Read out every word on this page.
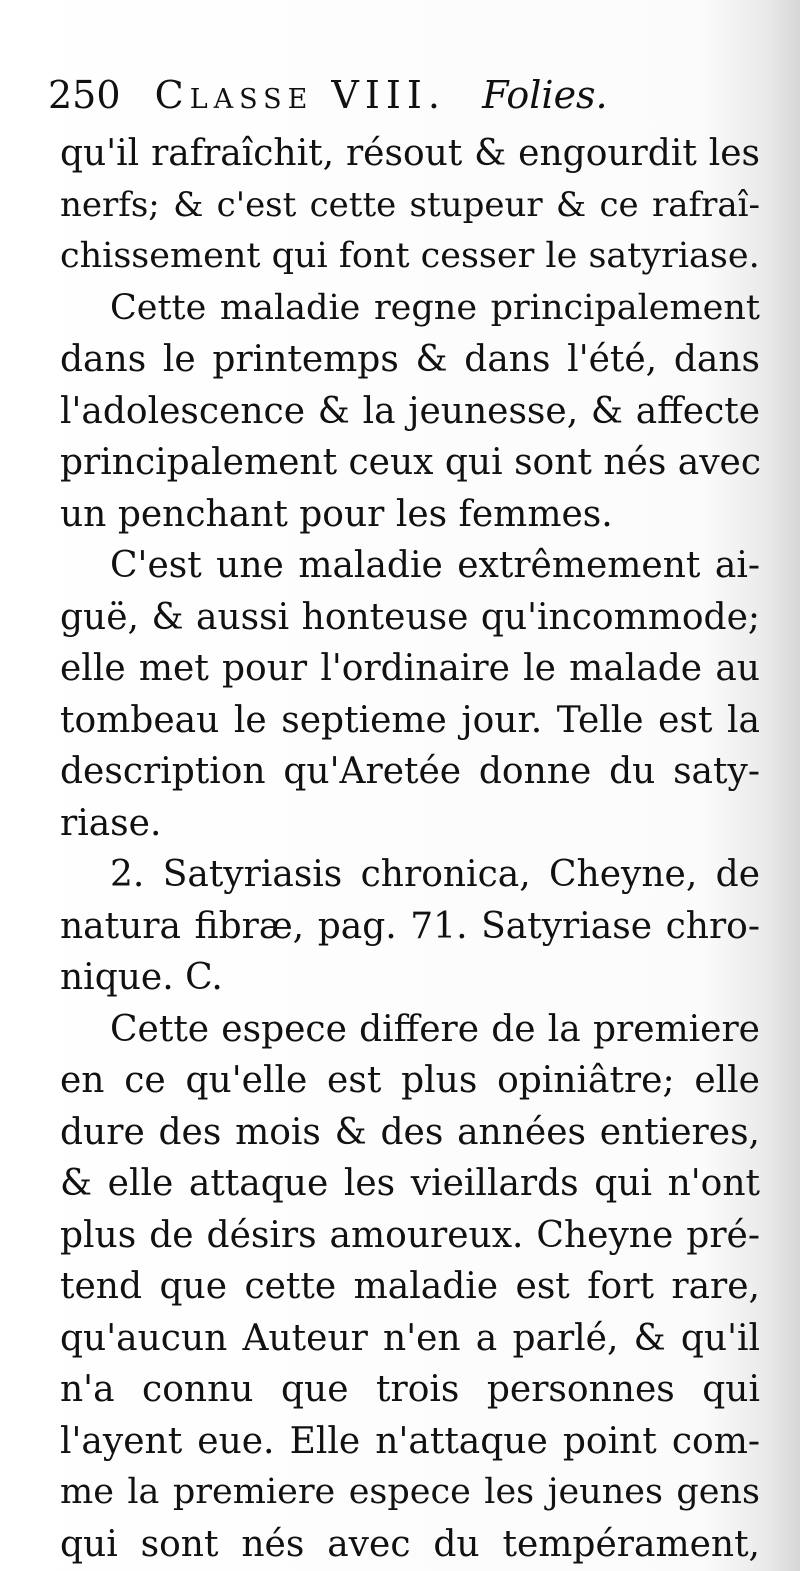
250 Classe VIII. Folies.
qu'il rafraîchit, résout & engourdit les
nerfs; & c'est cette stupeur & ce rafraî-
chissement qui font cesser le satyriase.
Cette maladie regne principalement
dans le printemps & dans l'été, dans
l'adolescence & la jeunesse, & affecte
principalement ceux qui sont nés avec
un penchant pour les femmes.
C'est une maladie extrêmement ai-
guë, & aussi honteuse qu'incommode;
elle met pour l'ordinaire le malade au
tombeau le septieme jour. Telle est la
description qu'Aretée donne du saty-
riase.
2. Satyriasis chronica, Cheyne, de
natura fibræ, pag. 71. Satyriase chro-
nique. C.
Cette espece differe de la premiere
en ce qu'elle est plus opiniâtre; elle
dure des mois & des années entieres,
& elle attaque les vieillards qui n'ont
plus de désirs amoureux. Cheyne pré-
tend que cette maladie est fort rare,
qu'aucun Auteur n'en a parlé, & qu'il
n'a connu que trois personnes qui
l'ayent eue. Elle n'attaque point com-
me la premiere espece les jeunes gens
qui sont nés avec du tempérament,
